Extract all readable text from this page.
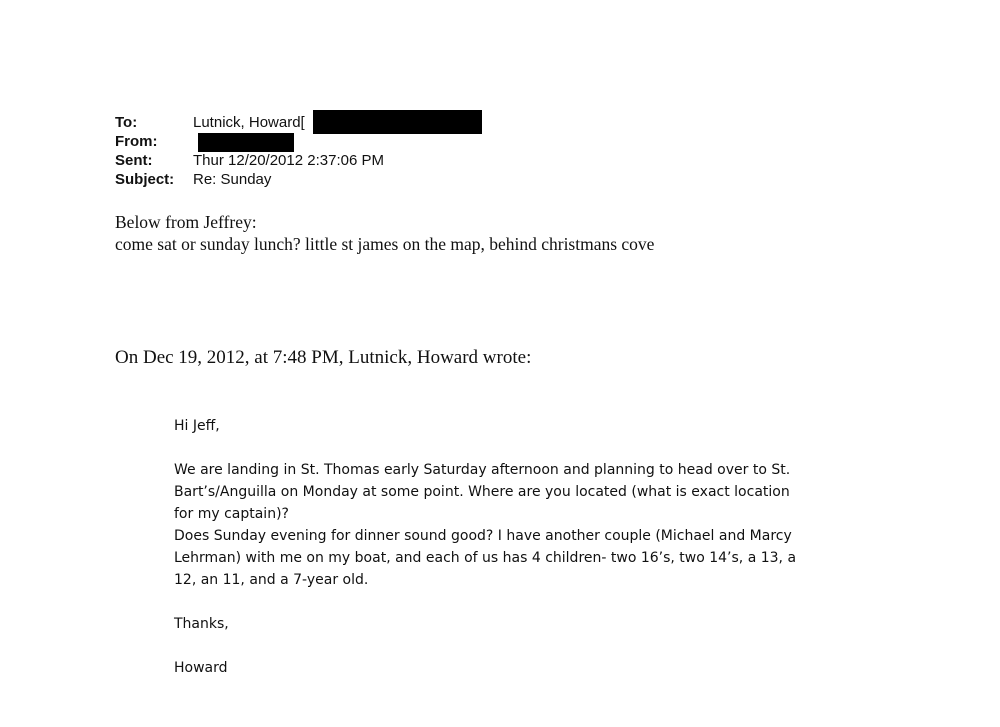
To:	Lutnick, Howard[
From:
Sent:	Thur 12/20/2012 2:37:06 PM
Subject: Re: Sunday
Below from Jeffrey:
come sat or sunday lunch? little st james on the map, behind christmans cove
On Dec 19, 2012, at 7:48 PM, Lutnick, Howard wrote:

Hi Jeff,

We are landing in St. Thomas early Saturday afternoon and planning to head over to St.
Bart’s/Anguilla on Monday at some point. Where are you located (what is exact location
for my captain)?
Does Sunday evening for dinner sound good? I have another couple (Michael and Marcy
Lehrman) with me on my boat, and each of us has 4 children- two 16’s, two 14’s, a 13, a
12, an 11, and a 7-year old.

Thanks,

Howard
